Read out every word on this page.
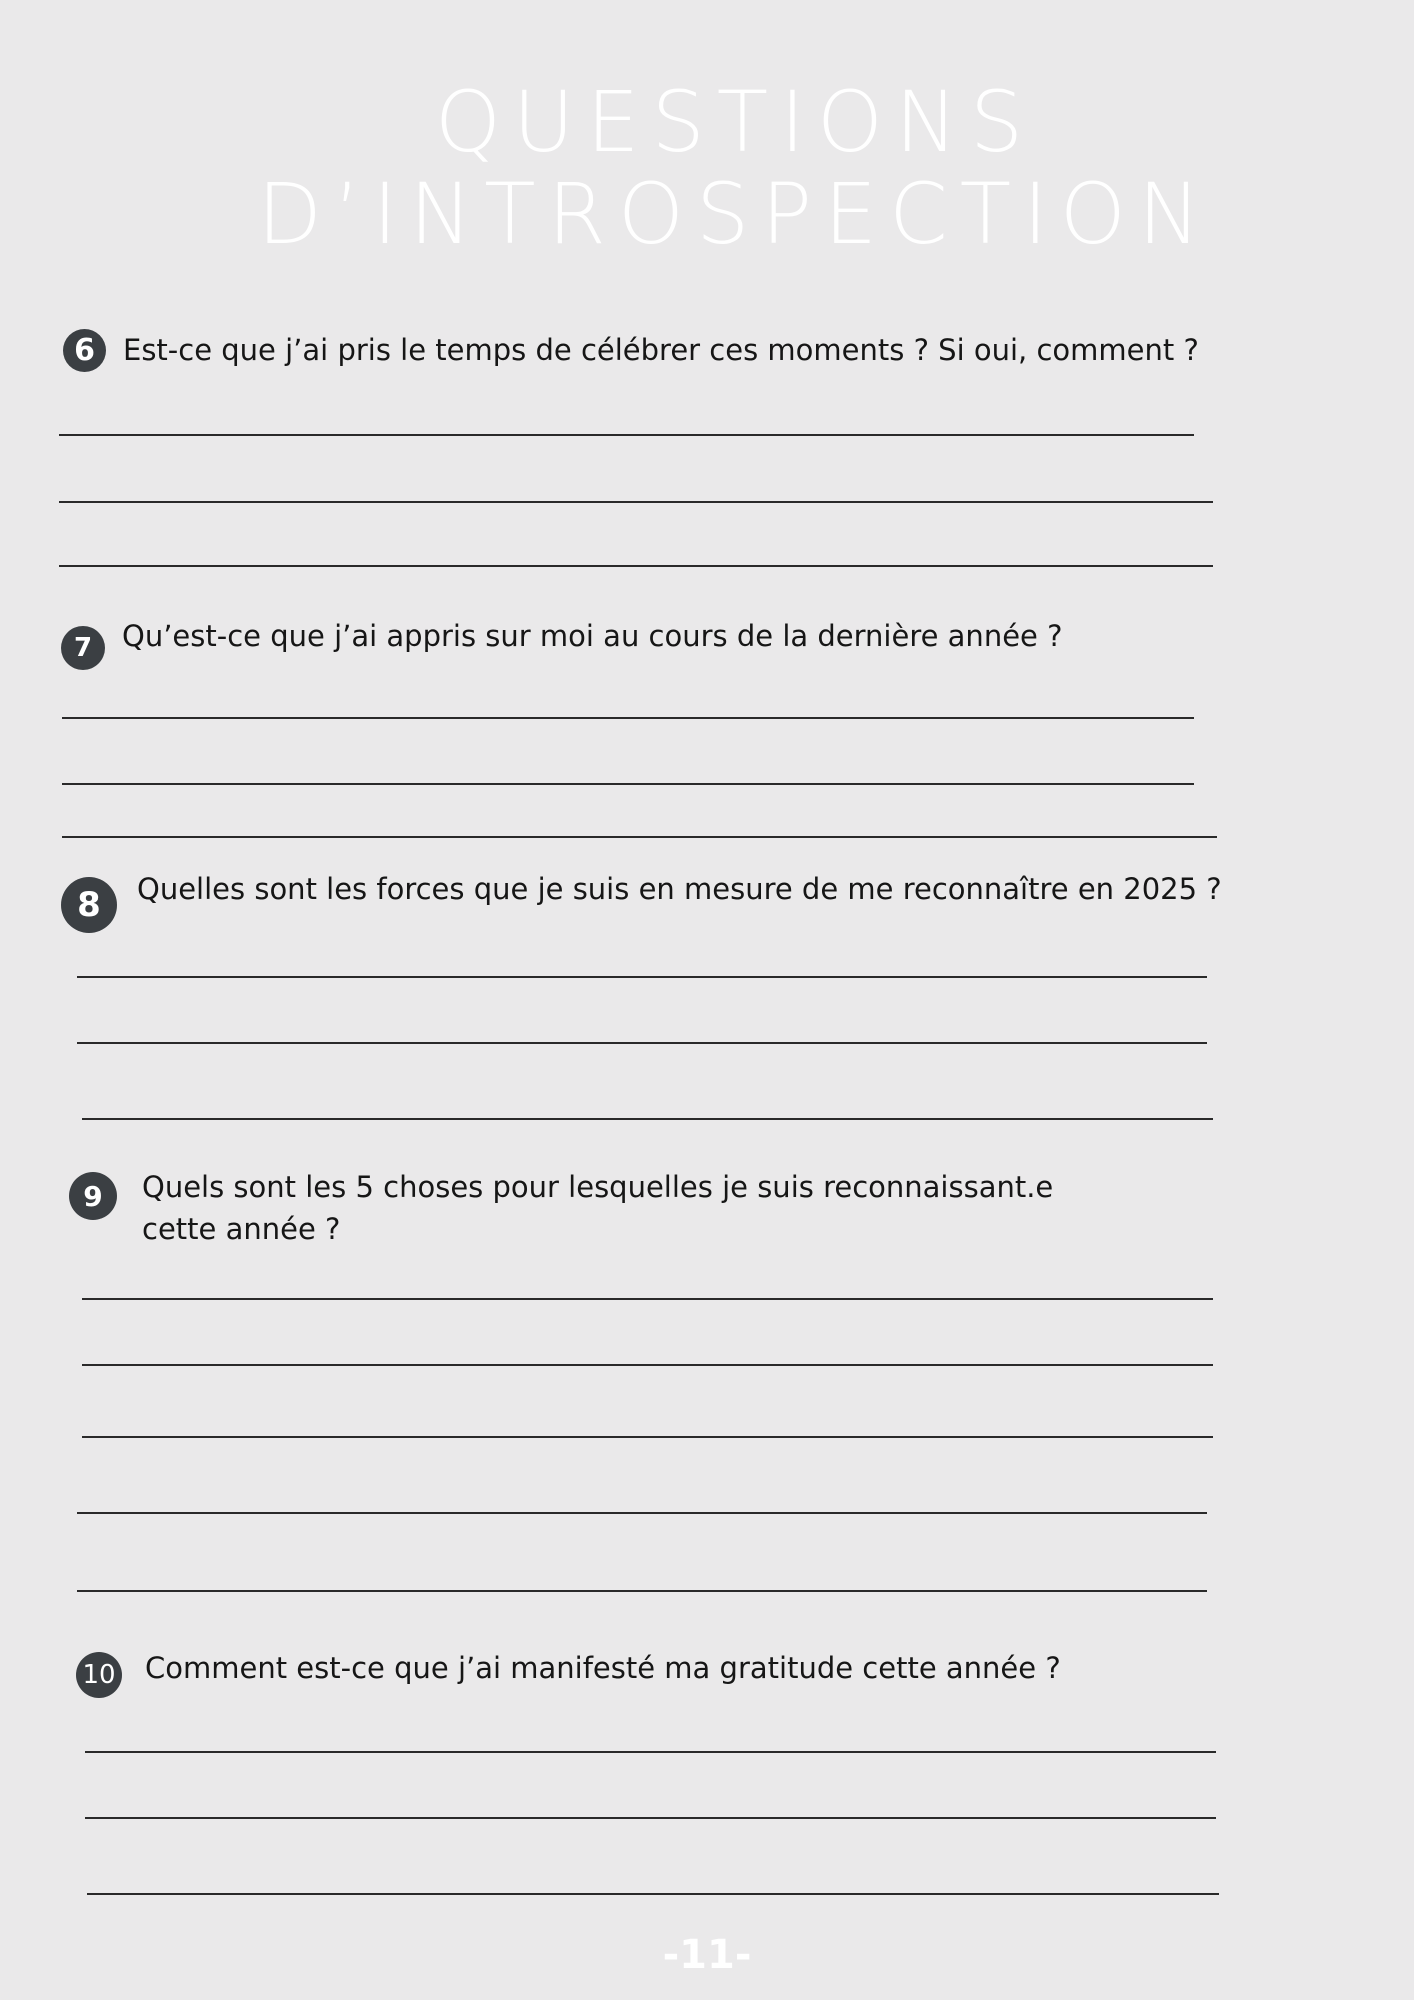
QUESTIONS
D’INTROSPECTION
6 Est-ce que j’ai pris le temps de célébrer ces moments ? Si oui, comment ?

7	Qu’est-ce que j’ai appris sur moi au cours de la dernière année ?

8	Quelles sont les forces que je suis en mesure de me reconnaître en 2025 ?

9	Quels sont les 5 choses pour lesquelles je suis reconnaissant.e

cette année ?

10 Comment est-ce que j’ai manifesté ma gratitude cette année ?

-11-
